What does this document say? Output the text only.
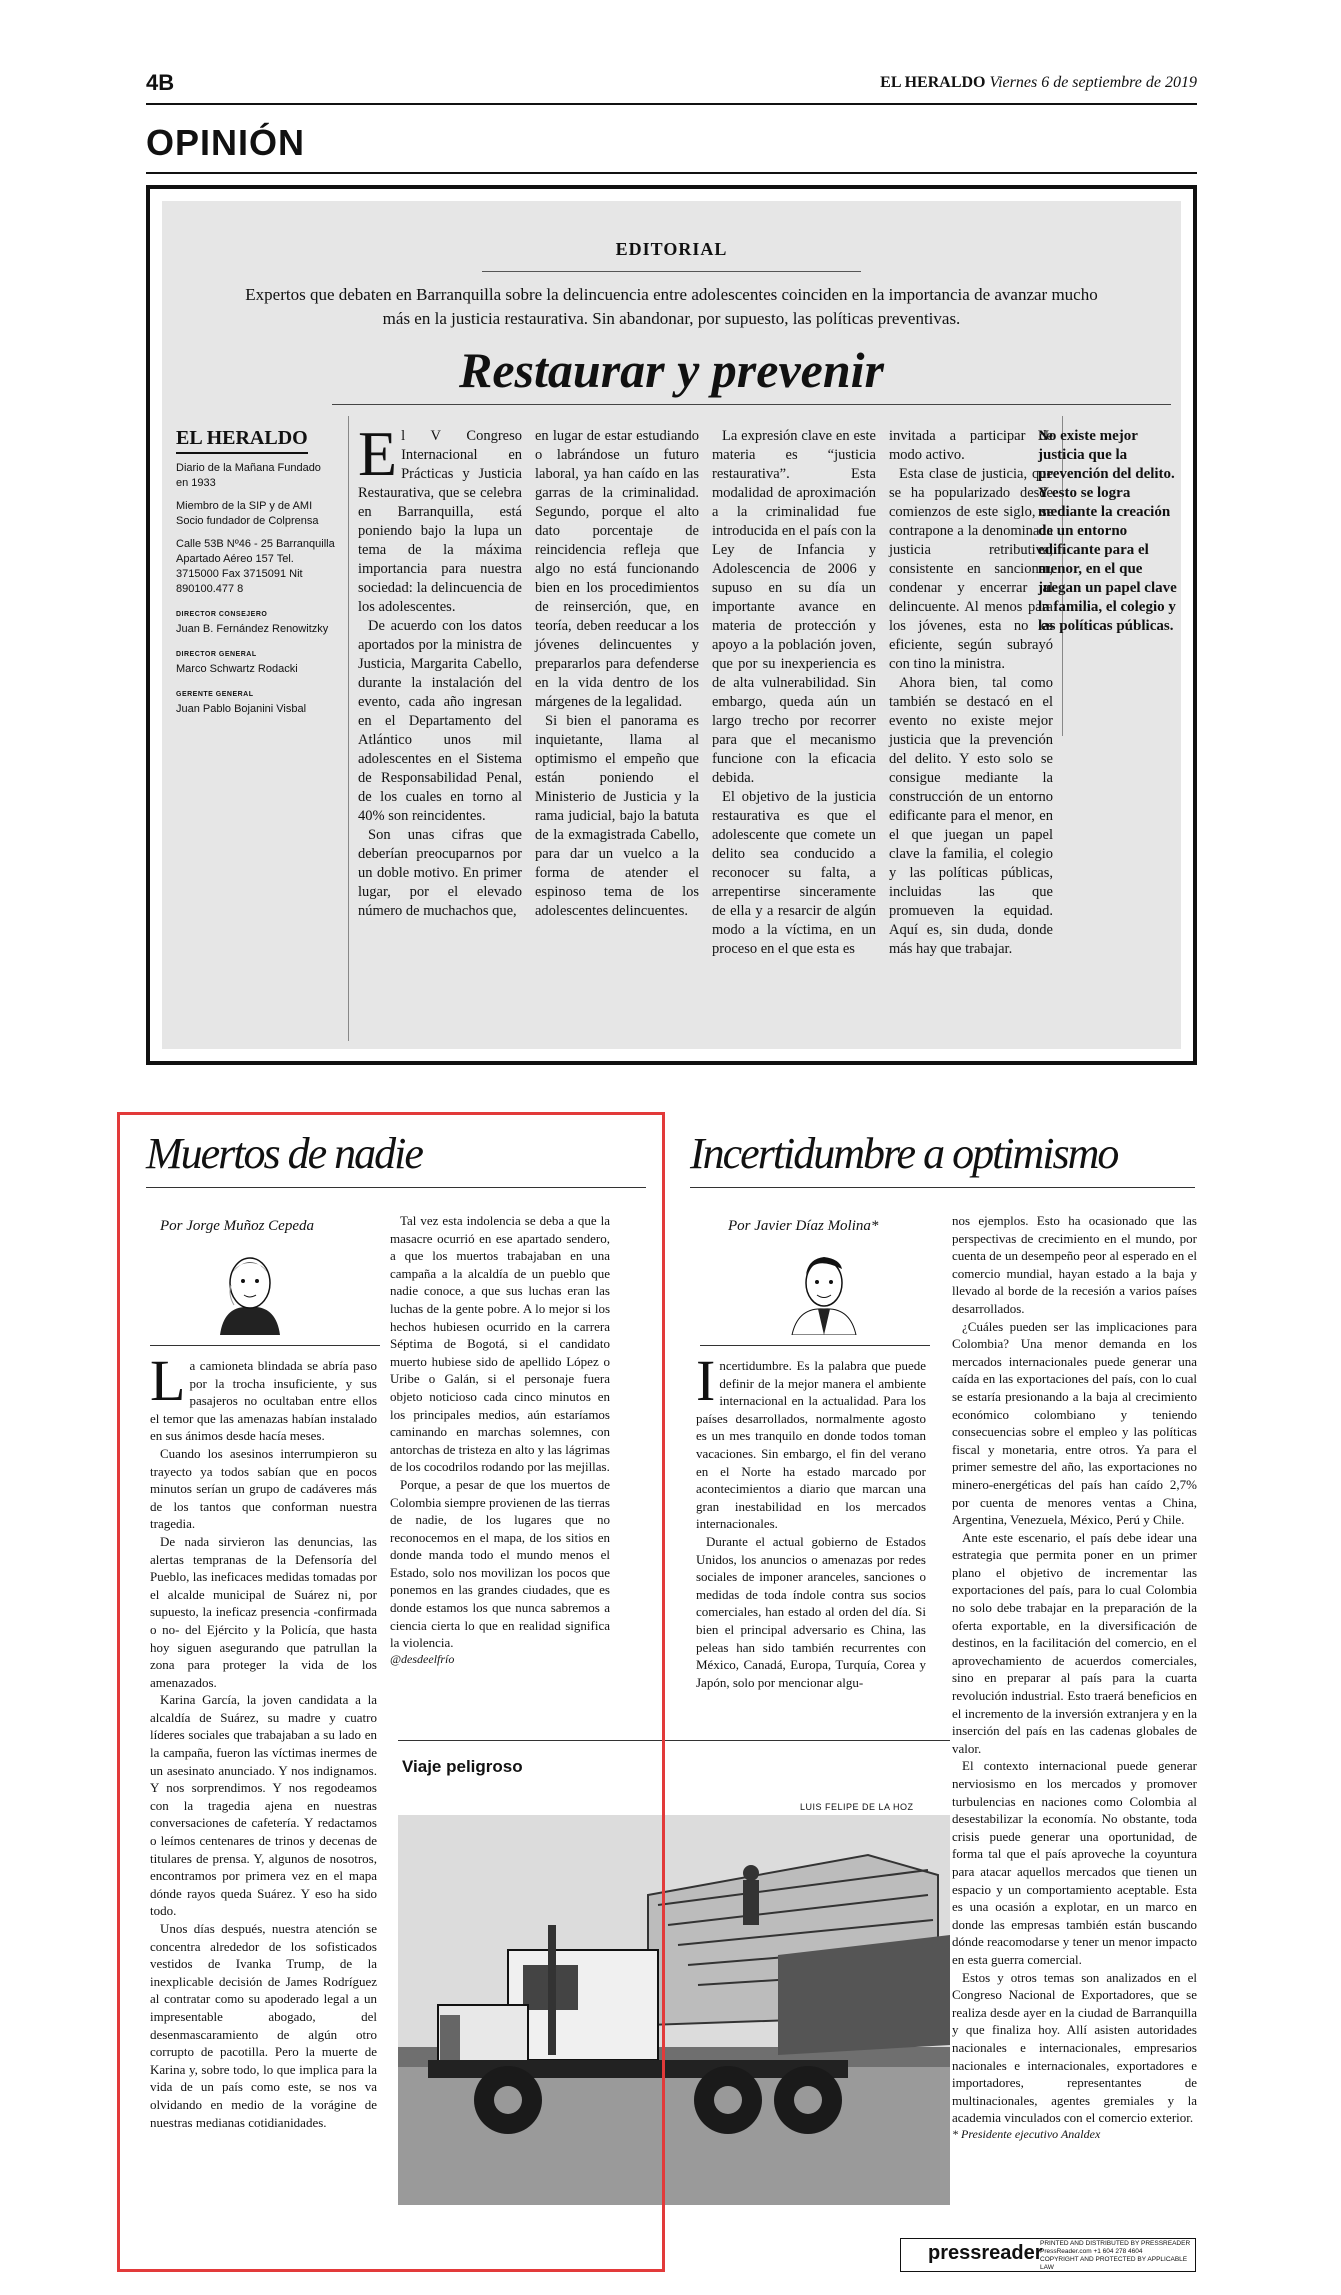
4B	EL HERALDO Viernes 6 de septiembre de 2019
OPINIÓN
EDITORIAL
Expertos que debaten en Barranquilla sobre la delincuencia entre adolescentes coinciden en la importancia de avanzar mucho más en la justicia restaurativa. Sin abandonar, por supuesto, las políticas preventivas.
Restaurar y prevenir
EL HERALDO

Diario de la Mañana Fundado en 1933

Miembro de la SIP y de AMI Socio fundador de Colprensa

Calle 53B Nº46 - 25 Barranquilla Apartado Aéreo 157 Tel. 3715000 Fax 3715091 Nit 890100.477 8

DIRECTOR CONSEJERO
Juan B. Fernández Renowitzky
DIRECTOR GENERAL
Marco Schwartz Rodacki
GERENTE GENERAL
Juan Pablo Bojanini Visbal

El V Congreso Internacional en Prácticas y Justicia Restaurativa, que se celebra en Barranquilla, está poniendo bajo la lupa un tema de la máxima importancia para nuestra sociedad: la delincuencia de los adolescentes.

De acuerdo con los datos aportados por la ministra de Justicia, Margarita Cabello, durante la instalación del evento, cada año ingresan en el Departamento del Atlántico unos mil adolescentes en el Sistema de Responsabilidad Penal, de los cuales en torno al 40% son reincidentes.

Son unas cifras que deberían preocuparnos por un doble motivo. En primer lugar, por el elevado número de muchachos que,

en lugar de estar estudiando o labrándose un futuro laboral, ya han caído en las garras de la criminalidad. Segundo, porque el alto dato porcentaje de reincidencia refleja que algo no está funcionando bien en los procedimientos de reinserción, que, en teoría, deben reeducar a los jóvenes delincuentes y prepararlos para defenderse en la vida dentro de los márgenes de la legalidad.

Si bien el panorama es inquietante, llama al optimismo el empeño que están poniendo el Ministerio de Justicia y la rama judicial, bajo la batuta de la exmagistrada Cabello, para dar un vuelco a la forma de atender el espinoso tema de los adolescentes delincuentes.

La expresión clave en este materia es “justicia restaurativa”. Esta modalidad de aproximación a la criminalidad fue introducida en el país con la Ley de Infancia y Adolescencia de 2006 y supuso en su día un importante avance en materia de protección y apoyo a la población joven, que por su inexperiencia es de alta vulnerabilidad. Sin embargo, queda aún un largo trecho por recorrer para que el mecanismo funcione con la eficacia debida.

El objetivo de la justicia restaurativa es que el adolescente que comete un delito sea conducido a reconocer su falta, a arrepentirse sinceramente de ella y a resarcir de algún modo a la víctima, en un proceso en el que esta es

invitada a participar de modo activo.

Esta clase de justicia, que se ha popularizado desde comienzos de este siglo, se contrapone a la denominada justicia retributiva, consistente en sancionar, condenar y encerrar al delincuente. Al menos para los jóvenes, esta no es eficiente, según subrayó con tino la ministra.

Ahora bien, tal como también se destacó en el evento no existe mejor justicia que la prevención del delito. Y esto solo se consigue mediante la construcción de un entorno edificante para el menor, en el que juegan un papel clave la familia, el colegio y las políticas públicas, incluidas las que promueven la equidad. Aquí es, sin duda, donde más hay que trabajar.

No existe mejor justicia que la prevención del delito. Y esto se logra mediante la creación de un entorno edificante para el menor, en el que juegan un papel clave la familia, el colegio y las políticas públicas.
Muertos de nadie
Por Jorge Muñoz Cepeda

La camioneta blindada se abría paso por la trocha insuficiente, y sus pasajeros no ocultaban entre ellos el temor que las amenazas habían instalado en sus ánimos desde hacía meses.

Cuando los asesinos interrumpieron su trayecto ya todos sabían que en pocos minutos serían un grupo de cadáveres más de los tantos que conforman nuestra tragedia.

De nada sirvieron las denuncias, las alertas tempranas de la Defensoría del Pueblo, las ineficaces medidas tomadas por el alcalde municipal de Suárez ni, por supuesto, la ineficaz presencia -confirmada o no- del Ejército y la Policía, que hasta hoy siguen asegurando que patrullan la zona para proteger la vida de los amenazados.

Karina García, la joven candidata a la alcaldía de Suárez, su madre y cuatro líderes sociales que trabajaban a su lado en la campaña, fueron las víctimas inermes de un asesinato anunciado. Y nos indignamos. Y nos sorprendimos. Y nos regodeamos con la tragedia ajena en nuestras conversaciones de cafetería. Y redactamos o leímos centenares de trinos y decenas de titulares de prensa. Y, algunos de nosotros, encontramos por primera vez en el mapa dónde rayos queda Suárez. Y eso ha sido todo.

Unos días después, nuestra atención se concentra alrededor de los sofisticados vestidos de Ivanka Trump, de la inexplicable decisión de James Rodríguez al contratar como su apoderado legal a un impresentable abogado, del desenmascaramiento de algún otro corrupto de pacotilla. Pero la muerte de Karina y, sobre todo, lo que implica para la vida de un país como este, se nos va olvidando en medio de la vorágine de nuestras medianas cotidianidades.

Tal vez esta indolencia se deba a que la masacre ocurrió en ese apartado sendero, a que los muertos trabajaban en una campaña a la alcaldía de un pueblo que nadie conoce, a que sus luchas eran las luchas de la gente pobre. A lo mejor si los hechos hubiesen ocurrido en la carrera Séptima de Bogotá, si el candidato muerto hubiese sido de apellido López o Uribe o Galán, si el personaje fuera objeto noticioso cada cinco minutos en los principales medios, aún estaríamos caminando en marchas solemnes, con antorchas de tristeza en alto y las lágrimas de los cocodrilos rodando por las mejillas.

Porque, a pesar de que los muertos de Colombia siempre provienen de las tierras de nadie, de los lugares que no reconocemos en el mapa, de los sitios en donde manda todo el mundo menos el Estado, solo nos movilizan los pocos que ponemos en las grandes ciudades, que es donde estamos los que nunca sabremos a ciencia cierta lo que en realidad significa la violencia.

@desdeelfrío
Incertidumbre a optimismo
Por Javier Díaz Molina*

Incertidumbre. Es la palabra que puede definir de la mejor manera el ambiente internacional en la actualidad. Para los países desarrollados, normalmente agosto es un mes tranquilo en donde todos toman vacaciones. Sin embargo, el fin del verano en el Norte ha estado marcado por acontecimientos a diario que marcan una gran inestabilidad en los mercados internacionales.

Durante el actual gobierno de Estados Unidos, los anuncios o amenazas por redes sociales de imponer aranceles, sanciones o medidas de toda índole contra sus socios comerciales, han estado al orden del día. Si bien el principal adversario es China, las peleas han sido también recurrentes con México, Canadá, Europa, Turquía, Corea y Japón, solo por mencionar algu-

nos ejemplos. Esto ha ocasionado que las perspectivas de crecimiento en el mundo, por cuenta de un desempeño peor al esperado en el comercio mundial, hayan estado a la baja y llevado al borde de la recesión a varios países desarrollados.

¿Cuáles pueden ser las implicaciones para Colombia? Una menor demanda en los mercados internacionales puede generar una caída en las exportaciones del país, con lo cual se estaría presionando a la baja al crecimiento económico colombiano y teniendo consecuencias sobre el empleo y las políticas fiscal y monetaria, entre otros. Ya para el primer semestre del año, las exportaciones no minero-energéticas del país han caído 2,7% por cuenta de menores ventas a China, Argentina, Venezuela, México, Perú y Chile.

Ante este escenario, el país debe idear una estrategia que permita poner en un primer plano el objetivo de incrementar las exportaciones del país, para lo cual Colombia no solo debe trabajar en la preparación de la oferta exportable, en la diversificación de destinos, en la facilitación del comercio, en el aprovechamiento de acuerdos comerciales, sino en preparar al país para la cuarta revolución industrial. Esto traerá beneficios en el incremento de la inversión extranjera y en la inserción del país en las cadenas globales de valor.

El contexto internacional puede generar nerviosismo en los mercados y promover turbulencias en naciones como Colombia al desestabilizar la economía. No obstante, toda crisis puede generar una oportunidad, de forma tal que el país aproveche la coyuntura para atacar aquellos mercados que tienen un espacio y un comportamiento aceptable. Esta es una ocasión a explotar, en un marco en donde las empresas también están buscando dónde reacomodarse y tener un menor impacto en esta guerra comercial.

Estos y otros temas son analizados en el Congreso Nacional de Exportadores, que se realiza desde ayer en la ciudad de Barranquilla y que finaliza hoy. Allí asisten autoridades nacionales e internacionales, empresarios nacionales e internacionales, exportadores e importadores, representantes de multinacionales, agentes gremiales y la academia vinculados con el comercio exterior.

* Presidente ejecutivo Analdex
Viaje peligroso
LUIS FELIPE DE LA HOZ
pressreader
PRINTED AND DISTRIBUTED BY PRESSREADER
PressReader.com +1 604 278 4604
COPYRIGHT AND PROTECTED BY APPLICABLE LAW
